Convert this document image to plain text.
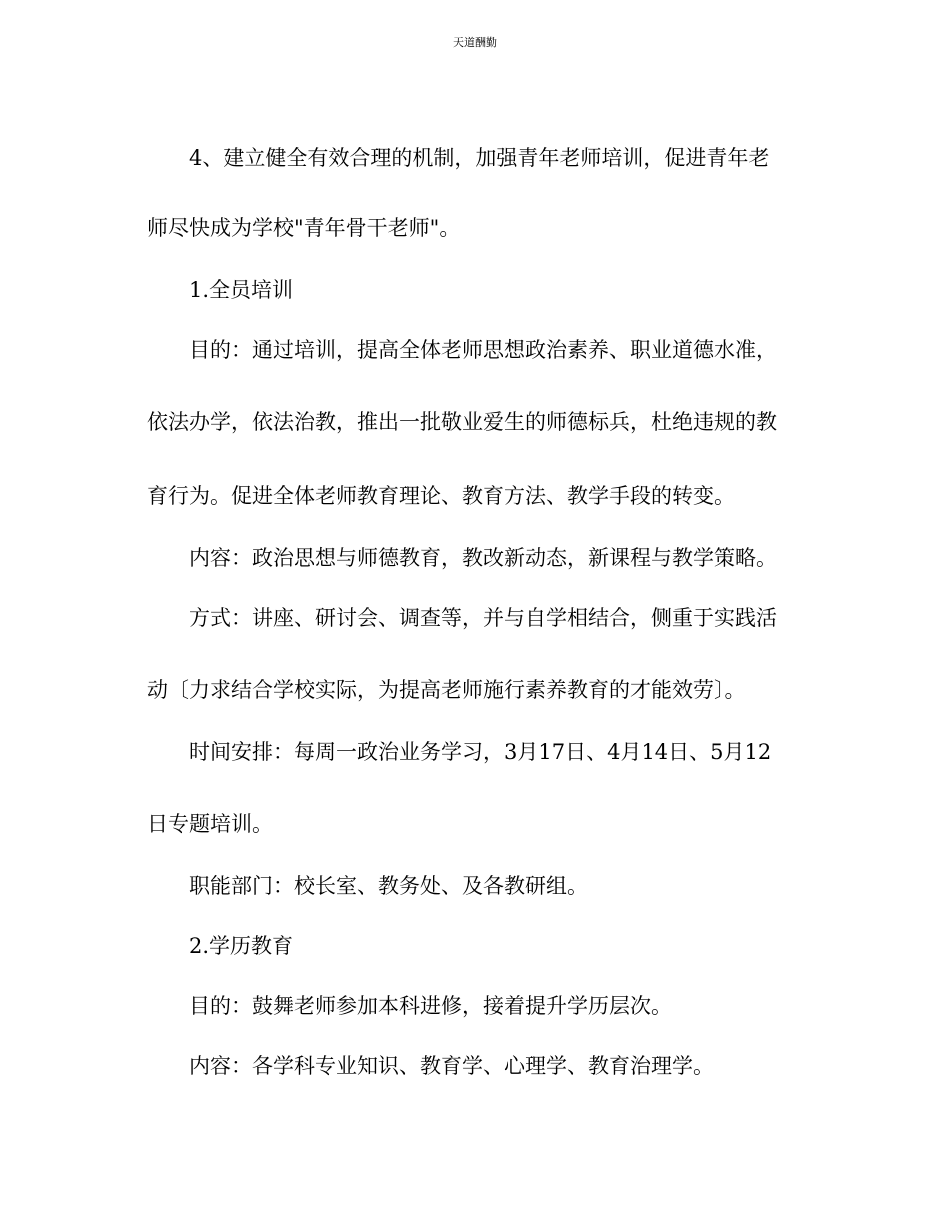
天道酬勤
4、建立健全有效合理的机制，加强青年老师培训，促进青年老
师尽快成为学校"青年骨干老师"。
1.全员培训
目的：通过培训，提高全体老师思想政治素养、职业道德水准，
依法办学，依法治教，推出一批敬业爱生的师德标兵，杜绝违规的教
育行为。促进全体老师教育理论、教育方法、教学手段的转变。
内容：政治思想与师德教育，教改新动态，新课程与教学策略。
方式：讲座、研讨会、调查等，并与自学相结合，侧重于实践活
动〔力求结合学校实际，为提高老师施行素养教育的才能效劳〕。
时间安排：每周一政治业务学习，3月17日、4月14日、5月12
日专题培训。
职能部门：校长室、教务处、及各教研组。
2.学历教育
目的：鼓舞老师参加本科进修，接着提升学历层次。
内容：各学科专业知识、教育学、心理学、教育治理学。
